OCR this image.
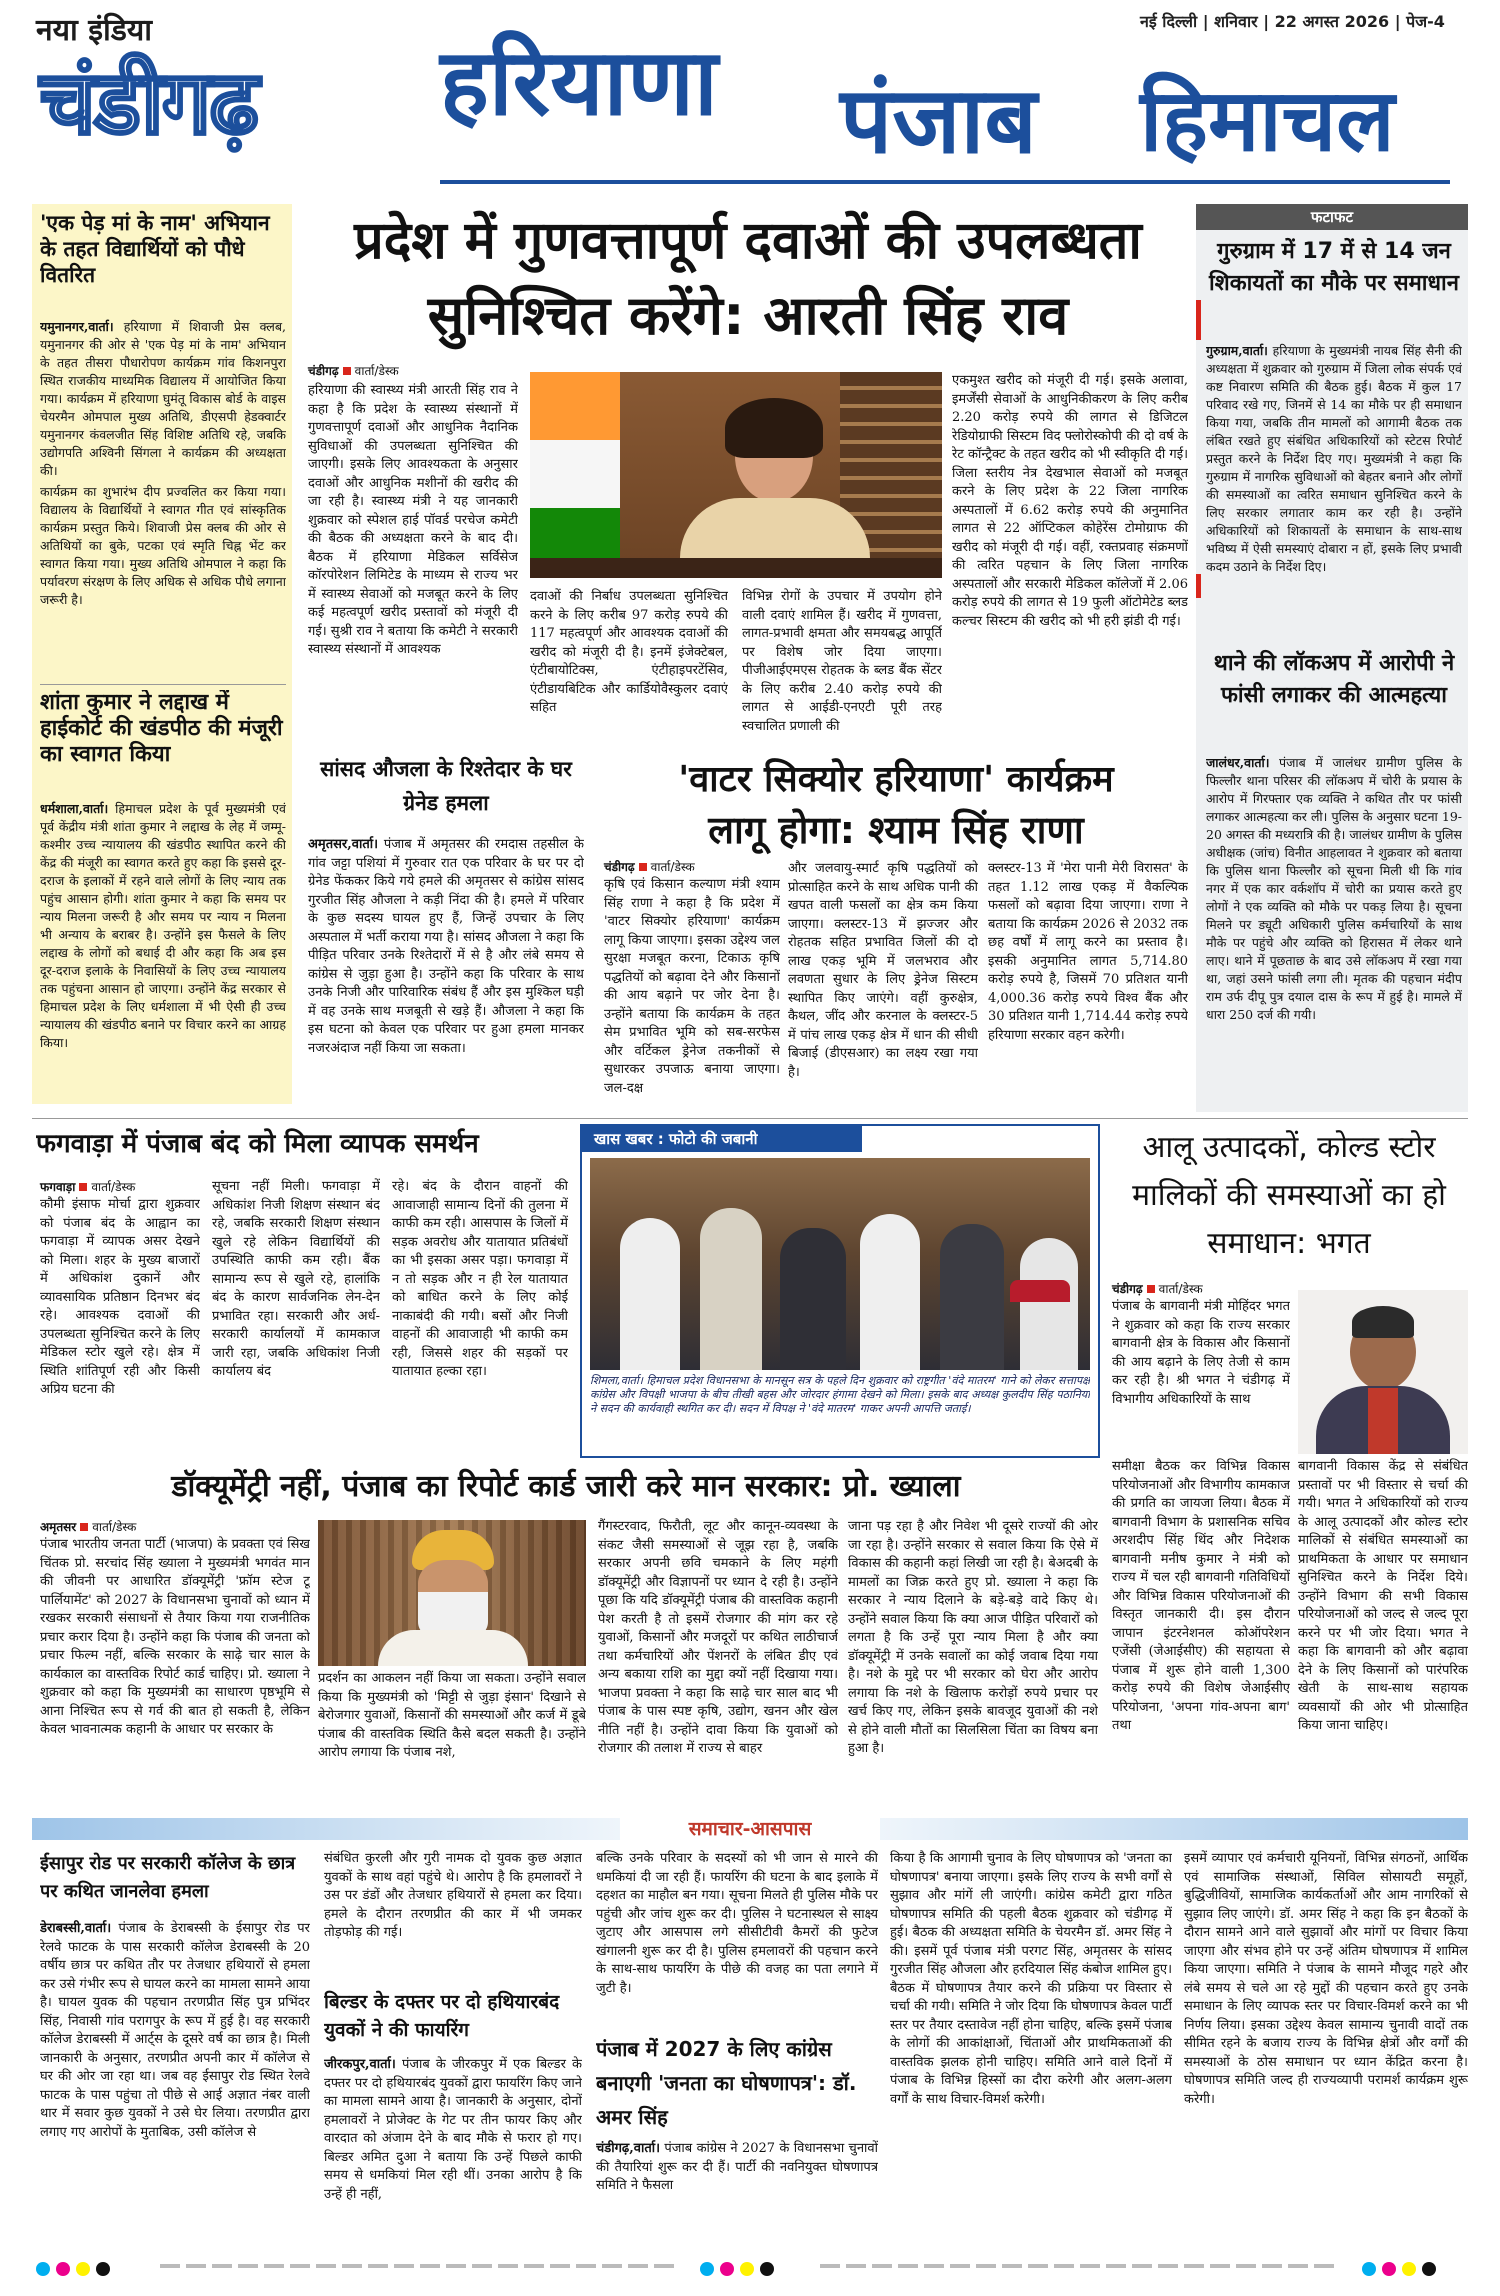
नया इंडिया
चंडीगढ़
नई दिल्ली | शनिवार | 22 अगस्त 2026 | पेज-4
हरियाणा पंजाब हिमाचल
'एक पेड़ मां के नाम' अभियान के तहत विद्यार्थियों को पौधे वितरित

यमुनानगर,वार्ता। हरियाणा में शिवाजी प्रेस क्लब, यमुनानगर की ओर से 'एक पेड़ मां के नाम' अभियान के तहत तीसरा पौधारोपण कार्यक्रम गांव किशनपुरा स्थित राजकीय माध्यमिक विद्यालय में आयोजित किया गया। कार्यक्रम में हरियाणा घुमंतू विकास बोर्ड के वाइस चेयरमैन ओमपाल मुख्य अतिथि, डीएसपी हेडक्वार्टर यमुनानगर कंवलजीत सिंह विशिष्ट अतिथि रहे, जबकि उद्योगपति अश्विनी सिंगला ने कार्यक्रम की अध्यक्षता की।

कार्यक्रम का शुभारंभ दीप प्रज्वलित कर किया गया। विद्यालय के विद्यार्थियों ने स्वागत गीत एवं सांस्कृतिक कार्यक्रम प्रस्तुत किये। शिवाजी प्रेस क्लब की ओर से अतिथियों का बुके, पटका एवं स्मृति चिह्न भेंट कर स्वागत किया गया। मुख्य अतिथि ओमपाल ने कहा कि पर्यावरण संरक्षण के लिए अधिक से अधिक पौधे लगाना जरूरी है।

शांता कुमार ने लद्दाख में हाईकोर्ट की खंडपीठ की मंजूरी का स्वागत किया

धर्मशाला,वार्ता। हिमाचल प्रदेश के पूर्व मुख्यमंत्री एवं पूर्व केंद्रीय मंत्री शांता कुमार ने लद्दाख के लेह में जम्मू-कश्मीर उच्च न्यायालय की खंडपीठ स्थापित करने की केंद्र की मंजूरी का स्वागत करते हुए कहा कि इससे दूर-दराज के इलाकों में रहने वाले लोगों के लिए न्याय तक पहुंच आसान होगी। शांता कुमार ने कहा कि समय पर न्याय मिलना जरूरी है और समय पर न्याय न मिलना भी अन्याय के बराबर है। उन्होंने इस फैसले के लिए लद्दाख के लोगों को बधाई दी और कहा कि अब इस दूर-दराज इलाके के निवासियों के लिए उच्च न्यायालय तक पहुंचना आसान हो जाएगा। उन्होंने केंद्र सरकार से हिमाचल प्रदेश के लिए धर्मशाला में भी ऐसी ही उच्च न्यायालय की खंडपीठ बनाने पर विचार करने का आग्रह किया।

प्रदेश में गुणवत्तापूर्ण दवाओं की उपलब्धता
सुनिश्चित करेंगे: आरती सिंह राव
चंडीगढ़ वार्ता/डेस्क
हरियाणा की स्वास्थ्य मंत्री आरती सिंह राव ने कहा है कि प्रदेश के स्वास्थ्य संस्थानों में गुणवत्तापूर्ण दवाओं और आधुनिक नैदानिक सुविधाओं की उपलब्धता सुनिश्चित की जाएगी। इसके लिए आवश्यकता के अनुसार दवाओं और आधुनिक मशीनों की खरीद की जा रही है। स्वास्थ्य मंत्री ने यह जानकारी शुक्रवार को स्पेशल हाई पॉवर्ड परचेज कमेटी की बैठक की अध्यक्षता करने के बाद दी। बैठक में हरियाणा मेडिकल सर्विसेज कॉरपोरेशन लिमिटेड के माध्यम से राज्य भर में स्वास्थ्य सेवाओं को मजबूत करने के लिए कई महत्वपूर्ण खरीद प्रस्तावों को मंजूरी दी गई। सुश्री राव ने बताया कि कमेटी ने सरकारी स्वास्थ्य संस्थानों में आवश्यक
दवाओं की निर्बाध उपलब्धता सुनिश्चित करने के लिए करीब 97 करोड़ रुपये की 117 महत्वपूर्ण और आवश्यक दवाओं की खरीद को मंजूरी दी है। इनमें इंजेक्टेबल, एंटीबायोटिक्स, एंटीहाइपरटेंसिव, एंटीडायबिटिक और कार्डियोवैस्कुलर दवाएं सहित
विभिन्न रोगों के उपचार में उपयोग होने वाली दवाएं शामिल हैं। खरीद में गुणवत्ता, लागत-प्रभावी क्षमता और समयबद्ध आपूर्ति पर विशेष जोर दिया जाएगा। पीजीआईएमएस रोहतक के ब्लड बैंक सेंटर के लिए करीब 2.40 करोड़ रुपये की लागत से आईडी-एनएटी पूरी तरह स्वचालित प्रणाली की
एकमुश्त खरीद को मंजूरी दी गई। इसके अलावा, इमर्जेंसी सेवाओं के आधुनिकीकरण के लिए करीब 2.20 करोड़ रुपये की लागत से डिजिटल रेडियोग्राफी सिस्टम विद फ्लोरोस्कोपी की दो वर्ष के रेट कॉन्ट्रैक्ट के तहत खरीद को भी स्वीकृति दी गई। जिला स्तरीय नेत्र देखभाल सेवाओं को मजबूत करने के लिए प्रदेश के 22 जिला नागरिक अस्पतालों में 6.62 करोड़ रुपये की अनुमानित लागत से 22 ऑप्टिकल कोहेरेंस टोमोग्राफ की खरीद को मंजूरी दी गई। वहीं, रक्तप्रवाह संक्रमणों की त्वरित पहचान के लिए जिला नागरिक अस्पतालों और सरकारी मेडिकल कॉलेजों में 2.06 करोड़ रुपये की लागत से 19 फुली ऑटोमेटेड ब्लड कल्चर सिस्टम की खरीद को भी हरी झंडी दी गई।
सांसद औजला के रिश्तेदार के घर ग्रेनेड हमला

अमृतसर,वार्ता। पंजाब में अमृतसर की रमदास तहसील के गांव जट्टा पशियां में गुरुवार रात एक परिवार के घर पर दो ग्रेनेड फेंककर किये गये हमले की अमृतसर से कांग्रेस सांसद गुरजीत सिंह औजला ने कड़ी निंदा की है। हमले में परिवार के कुछ सदस्य घायल हुए हैं, जिन्हें उपचार के लिए अस्पताल में भर्ती कराया गया है। सांसद औजला ने कहा कि पीड़ित परिवार उनके रिश्तेदारों में से है और लंबे समय से कांग्रेस से जुड़ा हुआ है। उन्होंने कहा कि परिवार के साथ उनके निजी और पारिवारिक संबंध हैं और इस मुश्किल घड़ी में वह उनके साथ मजबूती से खड़े हैं। औजला ने कहा कि इस घटना को केवल एक परिवार पर हुआ हमला मानकर नजरअंदाज नहीं किया जा सकता।

'वाटर सिक्योर हरियाणा' कार्यक्रम
लागू होगा: श्याम सिंह राणा
चंडीगढ़ वार्ता/डेस्क
कृषि एवं किसान कल्याण मंत्री श्याम सिंह राणा ने कहा है कि प्रदेश में 'वाटर सिक्योर हरियाणा' कार्यक्रम लागू किया जाएगा। इसका उद्देश्य जल सुरक्षा मजबूत करना, टिकाऊ कृषि पद्धतियों को बढ़ावा देने और किसानों की आय बढ़ाने पर जोर देना है। उन्होंने बताया कि कार्यक्रम के तहत सेम प्रभावित भूमि को सब-सरफेस और वर्टिकल ड्रेनेज तकनीकों से सुधारकर उपजाऊ बनाया जाएगा। जल-दक्ष
और जलवायु-स्मार्ट कृषि पद्धतियों को प्रोत्साहित करने के साथ अधिक पानी की खपत वाली फसलों का क्षेत्र कम किया जाएगा। क्लस्टर-13 में झज्जर और रोहतक सहित प्रभावित जिलों की दो लाख एकड़ भूमि में जलभराव और लवणता सुधार के लिए ड्रेनेज सिस्टम स्थापित किए जाएंगे। वहीं कुरुक्षेत्र, कैथल, जींद और करनाल के क्लस्टर-5 में पांच लाख एकड़ क्षेत्र में धान की सीधी बिजाई (डीएसआर) का लक्ष्य रखा गया है।
क्लस्टर-13 में 'मेरा पानी मेरी विरासत' के तहत 1.12 लाख एकड़ में वैकल्पिक फसलों को बढ़ावा दिया जाएगा। राणा ने बताया कि कार्यक्रम 2026 से 2032 तक छह वर्षों में लागू करने का प्रस्ताव है। इसकी अनुमानित लागत 5,714.80 करोड़ रुपये है, जिसमें 70 प्रतिशत यानी 4,000.36 करोड़ रुपये विश्व बैंक और 30 प्रतिशत यानी 1,714.44 करोड़ रुपये हरियाणा सरकार वहन करेगी।
फटाफट
गुरुग्राम में 17 में से 14 जन शिकायतों का मौके पर समाधान

गुरुग्राम,वार्ता। हरियाणा के मुख्यमंत्री नायब सिंह सैनी की अध्यक्षता में शुक्रवार को गुरुग्राम में जिला लोक संपर्क एवं कष्ट निवारण समिति की बैठक हुई। बैठक में कुल 17 परिवाद रखे गए, जिनमें से 14 का मौके पर ही समाधान किया गया, जबकि तीन मामलों को आगामी बैठक तक लंबित रखते हुए संबंधित अधिकारियों को स्टेटस रिपोर्ट प्रस्तुत करने के निर्देश दिए गए। मुख्यमंत्री ने कहा कि गुरुग्राम में नागरिक सुविधाओं को बेहतर बनाने और लोगों की समस्याओं का त्वरित समाधान सुनिश्चित करने के लिए सरकार लगातार काम कर रही है। उन्होंने अधिकारियों को शिकायतों के समाधान के साथ-साथ भविष्य में ऐसी समस्याएं दोबारा न हों, इसके लिए प्रभावी कदम उठाने के निर्देश दिए।

थाने की लॉकअप में आरोपी ने फांसी लगाकर की आत्महत्या

जालंधर,वार्ता। पंजाब में जालंधर ग्रामीण पुलिस के फिल्लौर थाना परिसर की लॉकअप में चोरी के प्रयास के आरोप में गिरफ्तार एक व्यक्ति ने कथित तौर पर फांसी लगाकर आत्महत्या कर ली। पुलिस के अनुसार घटना 19-20 अगस्त की मध्यरात्रि की है। जालंधर ग्रामीण के पुलिस अधीक्षक (जांच) विनीत आहलावत ने शुक्रवार को बताया कि पुलिस थाना फिल्लौर को सूचना मिली थी कि गांव नगर में एक कार वर्कशॉप में चोरी का प्रयास करते हुए लोगों ने एक व्यक्ति को मौके पर पकड़ लिया है। सूचना मिलने पर ड्यूटी अधिकारी पुलिस कर्मचारियों के साथ मौके पर पहुंचे और व्यक्ति को हिरासत में लेकर थाने लाए। थाने में पूछताछ के बाद उसे लॉकअप में रखा गया था, जहां उसने फांसी लगा ली। मृतक की पहचान मंदीप राम उर्फ दीपू पुत्र दयाल दास के रूप में हुई है। मामले में धारा 250 दर्ज की गयी।

फगवाड़ा में पंजाब बंद को मिला व्यापक समर्थन
फगवाड़ा वार्ता/डेस्क
कौमी इंसाफ मोर्चा द्वारा शुक्रवार को पंजाब बंद के आह्वान का फगवाड़ा में व्यापक असर देखने को मिला। शहर के मुख्य बाजारों में अधिकांश दुकानें और व्यावसायिक प्रतिष्ठान दिनभर बंद रहे। आवश्यक दवाओं की उपलब्धता सुनिश्चित करने के लिए मेडिकल स्टोर खुले रहे। क्षेत्र में स्थिति शांतिपूर्ण रही और किसी अप्रिय घटना की
सूचना नहीं मिली। फगवाड़ा में अधिकांश निजी शिक्षण संस्थान बंद रहे, जबकि सरकारी शिक्षण संस्थान खुले रहे लेकिन विद्यार्थियों की उपस्थिति काफी कम रही। बैंक सामान्य रूप से खुले रहे, हालांकि बंद के कारण सार्वजनिक लेन-देन प्रभावित रहा। सरकारी और अर्ध-सरकारी कार्यालयों में कामकाज जारी रहा, जबकि अधिकांश निजी कार्यालय बंद
रहे। बंद के दौरान वाहनों की आवाजाही सामान्य दिनों की तुलना में काफी कम रही। आसपास के जिलों में सड़क अवरोध और यातायात प्रतिबंधों का भी इसका असर पड़ा। फगवाड़ा में न तो सड़क और न ही रेल यातायात को बाधित करने के लिए कोई नाकाबंदी की गयी। बसों और निजी वाहनों की आवाजाही भी काफी कम रही, जिससे शहर की सड़कों पर यातायात हल्का रहा।
खास खबर : फोटो की जबानी
शिमला,वार्ता। हिमाचल प्रदेश विधानसभा के मानसून सत्र के पहले दिन शुक्रवार को राष्ट्रगीत 'वंदे मातरम' गाने को लेकर सत्तापक्ष कांग्रेस और विपक्षी भाजपा के बीच तीखी बहस और जोरदार हंगामा देखने को मिला। इसके बाद अध्यक्ष कुलदीप सिंह पठानिया ने सदन की कार्यवाही स्थगित कर दी। सदन में विपक्ष ने 'वंदे मातरम' गाकर अपनी आपत्ति जताई।
आलू उत्पादकों, कोल्ड स्टोर मालिकों की समस्याओं का हो समाधान: भगत
चंडीगढ़ वार्ता/डेस्क
पंजाब के बागवानी मंत्री मोहिंदर भगत ने शुक्रवार को कहा कि राज्य सरकार बागवानी क्षेत्र के विकास और किसानों की आय बढ़ाने के लिए तेजी से काम कर रही है। श्री भगत ने चंडीगढ़ में विभागीय अधिकारियों के साथ
डॉक्यूमेंट्री नहीं, पंजाब का रिपोर्ट कार्ड जारी करे मान सरकार: प्रो. ख्याला
समीक्षा बैठक कर विभिन्न विकास परियोजनाओं और विभागीय कामकाज की प्रगति का जायजा लिया। बैठक में बागवानी विभाग के प्रशासनिक सचिव अरशदीप सिंह थिंद और निदेशक बागवानी मनीष कुमार ने मंत्री को राज्य में चल रही बागवानी गतिविधियों और विभिन्न विकास परियोजनाओं की विस्तृत जानकारी दी। इस दौरान जापान इंटरनेशनल कोऑपरेशन एजेंसी (जेआईसीए) की सहायता से पंजाब में शुरू होने वाली 1,300 करोड़ रुपये की विशेष जेआईसीए परियोजना, 'अपना गांव-अपना बाग' तथा
बागवानी विकास केंद्र से संबंधित प्रस्तावों पर भी विस्तार से चर्चा की गयी। भगत ने अधिकारियों को राज्य के आलू उत्पादकों और कोल्ड स्टोर मालिकों से संबंधित समस्याओं का प्राथमिकता के आधार पर समाधान सुनिश्चित करने के निर्देश दिये। उन्होंने विभाग की सभी विकास परियोजनाओं को जल्द से जल्द पूरा करने पर भी जोर दिया। भगत ने कहा कि बागवानी को और बढ़ावा देने के लिए किसानों को पारंपरिक खेती के साथ-साथ सहायक व्यवसायों की ओर भी प्रोत्साहित किया जाना चाहिए।
अमृतसर वार्ता/डेस्क
पंजाब भारतीय जनता पार्टी (भाजपा) के प्रवक्ता एवं सिख चिंतक प्रो. सरचांद सिंह ख्याला ने मुख्यमंत्री भगवंत मान की जीवनी पर आधारित डॉक्यूमेंट्री 'फ्रॉम स्टेज टू पार्लियामेंट' को 2027 के विधानसभा चुनावों को ध्यान में रखकर सरकारी संसाधनों से तैयार किया गया राजनीतिक प्रचार करार दिया है। उन्होंने कहा कि पंजाब की जनता को प्रचार फिल्म नहीं, बल्कि सरकार के साढ़े चार साल के कार्यकाल का वास्तविक रिपोर्ट कार्ड चाहिए। प्रो. ख्याला ने शुक्रवार को कहा कि मुख्यमंत्री का साधारण पृष्ठभूमि से आना निश्चित रूप से गर्व की बात हो सकती है, लेकिन केवल भावनात्मक कहानी के आधार पर सरकार के
प्रदर्शन का आकलन नहीं किया जा सकता। उन्होंने सवाल किया कि मुख्यमंत्री को 'मिट्टी से जुड़ा इंसान' दिखाने से बेरोजगार युवाओं, किसानों की समस्याओं और कर्ज में डूबे पंजाब की वास्तविक स्थिति कैसे बदल सकती है। उन्होंने आरोप लगाया कि पंजाब नशे,
गैंगस्टरवाद, फिरौती, लूट और कानून-व्यवस्था के संकट जैसी समस्याओं से जूझ रहा है, जबकि सरकार अपनी छवि चमकाने के लिए महंगी डॉक्यूमेंट्री और विज्ञापनों पर ध्यान दे रही है। उन्होंने पूछा कि यदि डॉक्यूमेंट्री पंजाब की वास्तविक कहानी पेश करती है तो इसमें रोजगार की मांग कर रहे युवाओं, किसानों और मजदूरों पर कथित लाठीचार्ज तथा कर्मचारियों और पेंशनरों के लंबित डीए एवं अन्य बकाया राशि का मुद्दा क्यों नहीं दिखाया गया। भाजपा प्रवक्ता ने कहा कि साढ़े चार साल बाद भी पंजाब के पास स्पष्ट कृषि, उद्योग, खनन और खेल नीति नहीं है। उन्होंने दावा किया कि युवाओं को रोजगार की तलाश में राज्य से बाहर
जाना पड़ रहा है और निवेश भी दूसरे राज्यों की ओर जा रहा है। उन्होंने सरकार से सवाल किया कि ऐसे में विकास की कहानी कहां लिखी जा रही है। बेअदबी के मामलों का जिक्र करते हुए प्रो. ख्याला ने कहा कि सरकार ने न्याय दिलाने के बड़े-बड़े वादे किए थे। उन्होंने सवाल किया कि क्या आज पीड़ित परिवारों को लगता है कि उन्हें पूरा न्याय मिला है और क्या डॉक्यूमेंट्री में उनके सवालों का कोई जवाब दिया गया है। नशे के मुद्दे पर भी सरकार को घेरा और आरोप लगाया कि नशे के खिलाफ करोड़ों रुपये प्रचार पर खर्च किए गए, लेकिन इसके बावजूद युवाओं की नशे से होने वाली मौतों का सिलसिला चिंता का विषय बना हुआ है।
समाचार-आसपास
ईसापुर रोड पर सरकारी कॉलेज के छात्र पर कथित जानलेवा हमला

डेराबस्सी,वार्ता। पंजाब के डेराबस्सी के ईसापुर रोड पर रेलवे फाटक के पास सरकारी कॉलेज डेराबस्सी के 20 वर्षीय छात्र पर कथित तौर पर तेजधार हथियारों से हमला कर उसे गंभीर रूप से घायल करने का मामला सामने आया है। घायल युवक की पहचान तरणप्रीत सिंह पुत्र प्रभिंदर सिंह, निवासी गांव परागपुर के रूप में हुई है। वह सरकारी कॉलेज डेराबस्सी में आर्ट्स के दूसरे वर्ष का छात्र है। मिली जानकारी के अनुसार, तरणप्रीत अपनी कार में कॉलेज से घर की ओर जा रहा था। जब वह ईसापुर रोड स्थित रेलवे फाटक के पास पहुंचा तो पीछे से आई अज्ञात नंबर वाली थार में सवार कुछ युवकों ने उसे घेर लिया। तरणप्रीत द्वारा लगाए गए आरोपों के मुताबिक, उसी कॉलेज से

संबंधित कुरली और गुरी नामक दो युवक कुछ अज्ञात युवकों के साथ वहां पहुंचे थे। आरोप है कि हमलावरों ने उस पर डंडों और तेजधार हथियारों से हमला कर दिया। हमले के दौरान तरणप्रीत की कार में भी जमकर तोड़फोड़ की गई।
बिल्डर के दफ्तर पर दो हथियारबंद युवकों ने की फायरिंग

जीरकपुर,वार्ता। पंजाब के जीरकपुर में एक बिल्डर के दफ्तर पर दो हथियारबंद युवकों द्वारा फायरिंग किए जाने का मामला सामने आया है। जानकारी के अनुसार, दोनों हमलावरों ने प्रोजेक्ट के गेट पर तीन फायर किए और वारदात को अंजाम देने के बाद मौके से फरार हो गए। बिल्डर अमित दुआ ने बताया कि उन्हें पिछले काफी समय से धमकियां मिल रही थीं। उनका आरोप है कि उन्हें ही नहीं,

बल्कि उनके परिवार के सदस्यों को भी जान से मारने की धमकियां दी जा रही हैं। फायरिंग की घटना के बाद इलाके में दहशत का माहौल बन गया। सूचना मिलते ही पुलिस मौके पर पहुंची और जांच शुरू कर दी। पुलिस ने घटनास्थल से साक्ष्य जुटाए और आसपास लगे सीसीटीवी कैमरों की फुटेज खंगालनी शुरू कर दी है। पुलिस हमलावरों की पहचान करने के साथ-साथ फायरिंग के पीछे की वजह का पता लगाने में जुटी है।
पंजाब में 2027 के लिए कांग्रेस बनाएगी 'जनता का घोषणापत्र': डॉ. अमर सिंह

चंडीगढ़,वार्ता। पंजाब कांग्रेस ने 2027 के विधानसभा चुनावों की तैयारियां शुरू कर दी हैं। पार्टी की नवनियुक्त घोषणापत्र समिति ने फैसला

किया है कि आगामी चुनाव के लिए घोषणापत्र को 'जनता का घोषणापत्र' बनाया जाएगा। इसके लिए राज्य के सभी वर्गों से सुझाव और मांगें ली जाएंगी। कांग्रेस कमेटी द्वारा गठित घोषणापत्र समिति की पहली बैठक शुक्रवार को चंडीगढ़ में हुई। बैठक की अध्यक्षता समिति के चेयरमैन डॉ. अमर सिंह ने की। इसमें पूर्व पंजाब मंत्री परगट सिंह, अमृतसर के सांसद गुरजीत सिंह औजला और हरदियाल सिंह कंबोज शामिल हुए। बैठक में घोषणापत्र तैयार करने की प्रक्रिया पर विस्तार से चर्चा की गयी। समिति ने जोर दिया कि घोषणापत्र केवल पार्टी स्तर पर तैयार दस्तावेज नहीं होना चाहिए, बल्कि इसमें पंजाब के लोगों की आकांक्षाओं, चिंताओं और प्राथमिकताओं की वास्तविक झलक होनी चाहिए। समिति आने वाले दिनों में पंजाब के विभिन्न हिस्सों का दौरा करेगी और अलग-अलग वर्गों के साथ विचार-विमर्श करेगी।
इसमें व्यापार एवं कर्मचारी यूनियनों, विभिन्न संगठनों, आर्थिक एवं सामाजिक संस्थाओं, सिविल सोसायटी समूहों, बुद्धिजीवियों, सामाजिक कार्यकर्ताओं और आम नागरिकों से सुझाव लिए जाएंगे। डॉ. अमर सिंह ने कहा कि इन बैठकों के दौरान सामने आने वाले सुझावों और मांगों पर विचार किया जाएगा और संभव होने पर उन्हें अंतिम घोषणापत्र में शामिल किया जाएगा। समिति ने पंजाब के सामने मौजूद गहरे और लंबे समय से चले आ रहे मुद्दों की पहचान करते हुए उनके समाधान के लिए व्यापक स्तर पर विचार-विमर्श करने का भी निर्णय लिया। इसका उद्देश्य केवल सामान्य चुनावी वादों तक सीमित रहने के बजाय राज्य के विभिन्न क्षेत्रों और वर्गों की समस्याओं के ठोस समाधान पर ध्यान केंद्रित करना है। घोषणापत्र समिति जल्द ही राज्यव्यापी परामर्श कार्यक्रम शुरू करेगी।
